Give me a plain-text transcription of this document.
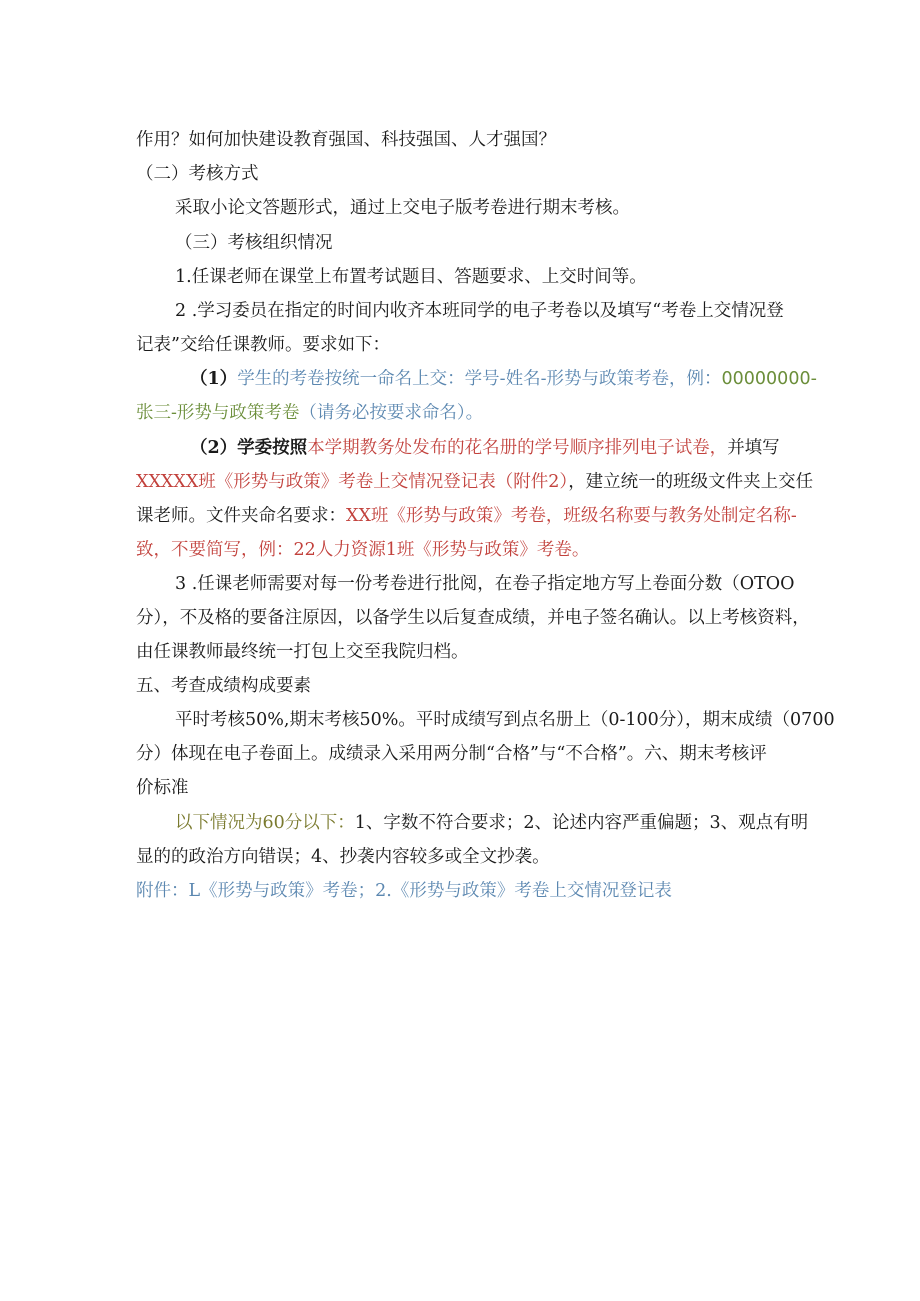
作用？如何加快建设教育强国、科技强国、人才强国？
（二）考核方式
采取小论文答题形式，通过上交电子版考卷进行期末考核。
（三）考核组织情况
1.任课老师在课堂上布置考试题目、答题要求、上交时间等。
2 .学习委员在指定的时间内收齐本班同学的电子考卷以及填写“考卷上交情况登
记表”交给任课教师。要求如下：
（1）学生的考卷按统一命名上交：学号-姓名-形势与政策考卷，例：00000000-
张三-形势与政策考卷（请务必按要求命名）。
（2）学委按照本学期教务处发布的花名册的学号顺序排列电子试卷，并填写
XXXXX班《形势与政策》考卷上交情况登记表（附件2），建立统一的班级文件夹上交任
课老师。文件夹命名要求：XX班《形势与政策》考卷，班级名称要与教务处制定名称-
致，不要简写，例：22人力资源1班《形势与政策》考卷。
3 .任课老师需要对每一份考卷进行批阅，在卷子指定地方写上卷面分数（OTOO
分），不及格的要备注原因，以备学生以后复查成绩，并电子签名确认。以上考核资料，
由任课教师最终统一打包上交至我院归档。
五、考查成绩构成要素
平时考核50%,期末考核50%。平时成绩写到点名册上（0-100分），期末成绩（0700
分）体现在电子卷面上。成绩录入采用两分制“合格”与“不合格”。六、期末考核评
价标准
以下情况为60分以下：1、字数不符合要求；2、论述内容严重偏题；3、观点有明
显的的政治方向错误；4、抄袭内容较多或全文抄袭。
附件：L《形势与政策》考卷；2.《形势与政策》考卷上交情况登记表
